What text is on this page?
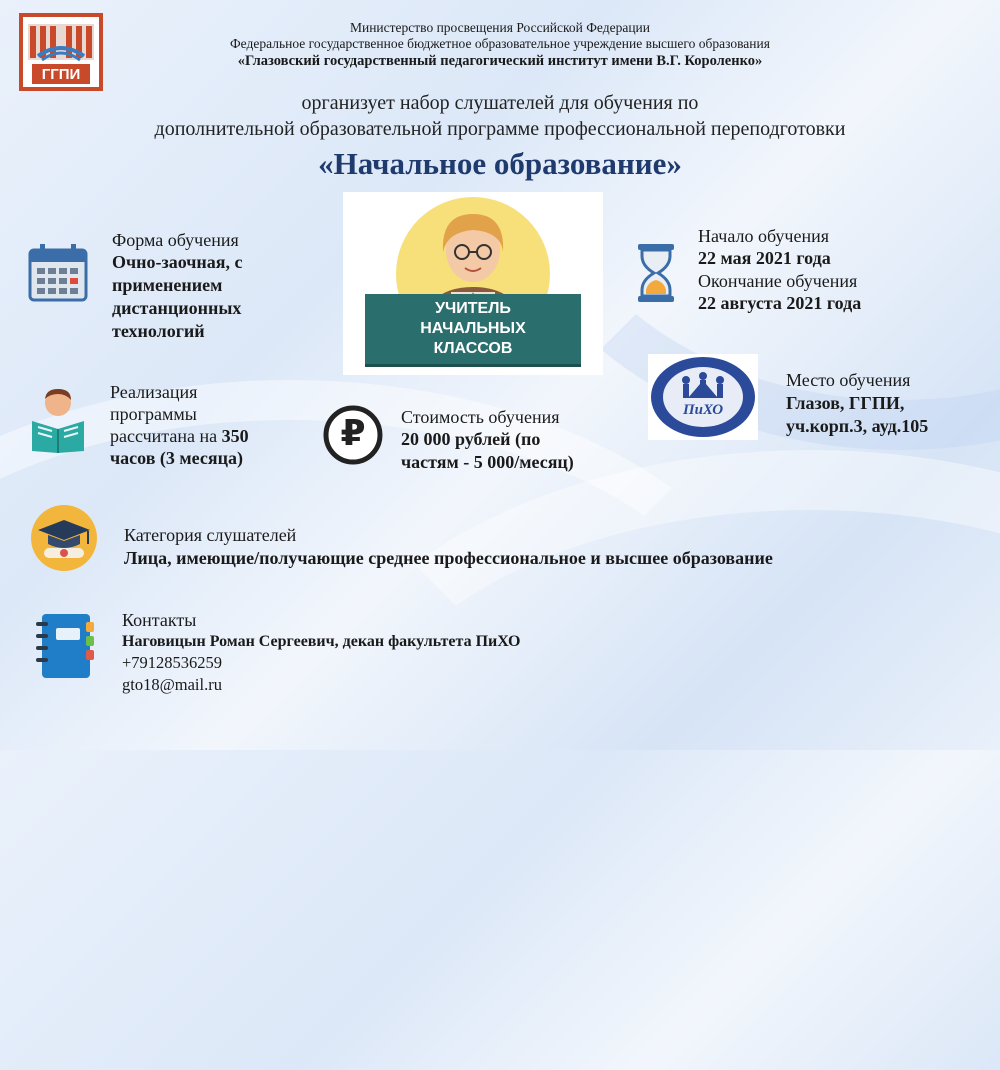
ГГПИ
Министерство просвещения Российской Федерации
Федеральное государственное бюджетное образовательное учреждение высшего образования
«Глазовский государственный педагогический институт имени В.Г. Короленко»
организует набор слушателей для обучения по
дополнительной образовательной программе профессиональной переподготовки
«Начальное образование»
УЧИТЕЛЬ
НАЧАЛЬНЫХ
КЛАССОВ
Форма обучения
Очно-заочная, с
применением
дистанционных
технологий
Начало обучения
22 мая 2021 года
Окончание обучения
22 августа 2021 года
ПиХО
Место обучения
Глазов, ГГПИ,
уч.корп.3, ауд.105
Реализация
программы
рассчитана на 350
часов (3 месяца)
₽	Стоимость обучения
20 000 рублей (по
частям - 5 000/месяц)
Категория слушателей
Лица, имеющие/получающие среднее профессиональное и высшее образование
Контакты
Наговицын Роман Сергеевич, декан факультета ПиХО
+79128536259
gto18@mail.ru
